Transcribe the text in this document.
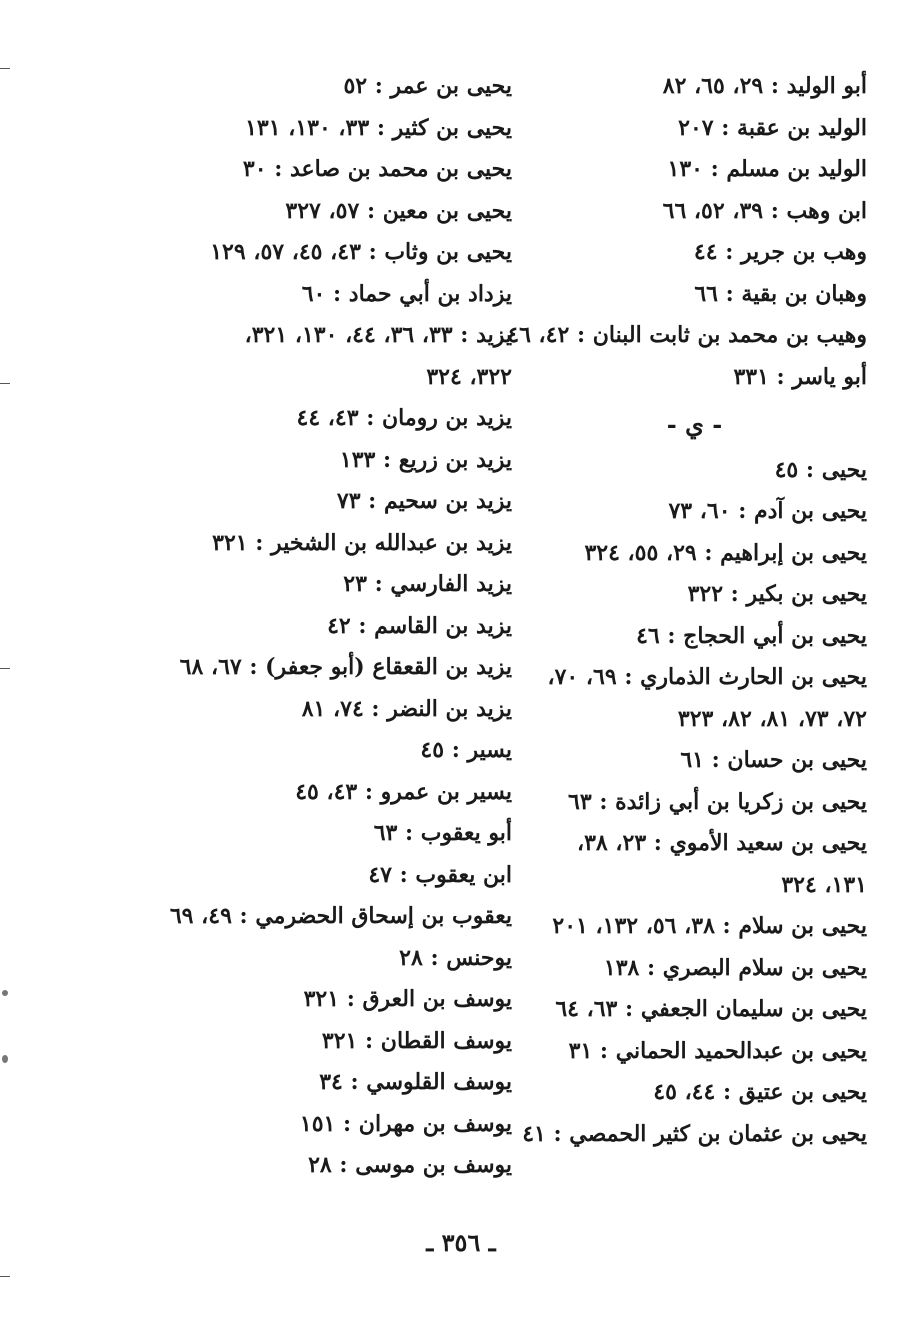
أبو الوليد : ٢٩، ٦٥، ٨٢
الوليد بن عقبة : ٢٠٧
الوليد بن مسلم : ١٣٠
ابن وهب : ٣٩، ٥٢، ٦٦
وهب بن جرير : ٤٤
وهبان بن بقية : ٦٦
وهيب بن محمد بن ثابت البنان : ٤٢، ٤٦
أبو ياسر : ٣٣١
- ي -
يحيى : ٤٥
يحيى بن آدم : ٦٠، ٧٣
يحيى بن إبراهيم : ٢٩، ٥٥، ٣٢٤
يحيى بن بكير : ٣٢٢
يحيى بن أبي الحجاج : ٤٦
يحيى بن الحارث الذماري : ٦٩، ٧٠،
٧٢، ٧٣، ٨١، ٨٢، ٣٢٣
يحيى بن حسان : ٦١
يحيى بن زكريا بن أبي زائدة : ٦٣
يحيى بن سعيد الأموي : ٢٣، ٣٨،
١٣١، ٣٢٤
يحيى بن سلام : ٣٨، ٥٦، ١٣٢، ٢٠١
يحيى بن سلام البصري : ١٣٨
يحيى بن سليمان الجعفي : ٦٣، ٦٤
يحيى بن عبدالحميد الحماني : ٣١
يحيى بن عتيق : ٤٤، ٤٥
يحيى بن عثمان بن كثير الحمصي : ٤١
يحيى بن عمر : ٥٢
يحيى بن كثير : ٣٣، ١٣٠، ١٣١
يحيى بن محمد بن صاعد : ٣٠
يحيى بن معين : ٥٧، ٣٢٧
يحيى بن وثاب : ٤٣، ٤٥، ٥٧، ١٢٩
يزداد بن أبي حماد : ٦٠
يزيد : ٣٣، ٣٦، ٤٤، ١٣٠، ٣٢١،
٣٢٢، ٣٢٤
يزيد بن رومان : ٤٣، ٤٤
يزيد بن زريع : ١٣٣
يزيد بن سحيم : ٧٣
يزيد بن عبدالله بن الشخير : ٣٢١
يزيد الفارسي : ٢٣
يزيد بن القاسم : ٤٢
يزيد بن القعقاع (أبو جعفر) : ٦٧، ٦٨
يزيد بن النضر : ٧٤، ٨١
يسير : ٤٥
يسير بن عمرو : ٤٣، ٤٥
أبو يعقوب : ٦٣
ابن يعقوب : ٤٧
يعقوب بن إسحاق الحضرمي : ٤٩، ٦٩
يوحنس : ٢٨
يوسف بن العرق : ٣٢١
يوسف القطان : ٣٢١
يوسف القلوسي : ٣٤
يوسف بن مهران : ١٥١
يوسف بن موسى : ٢٨
ـ ٣٥٦ ـ
